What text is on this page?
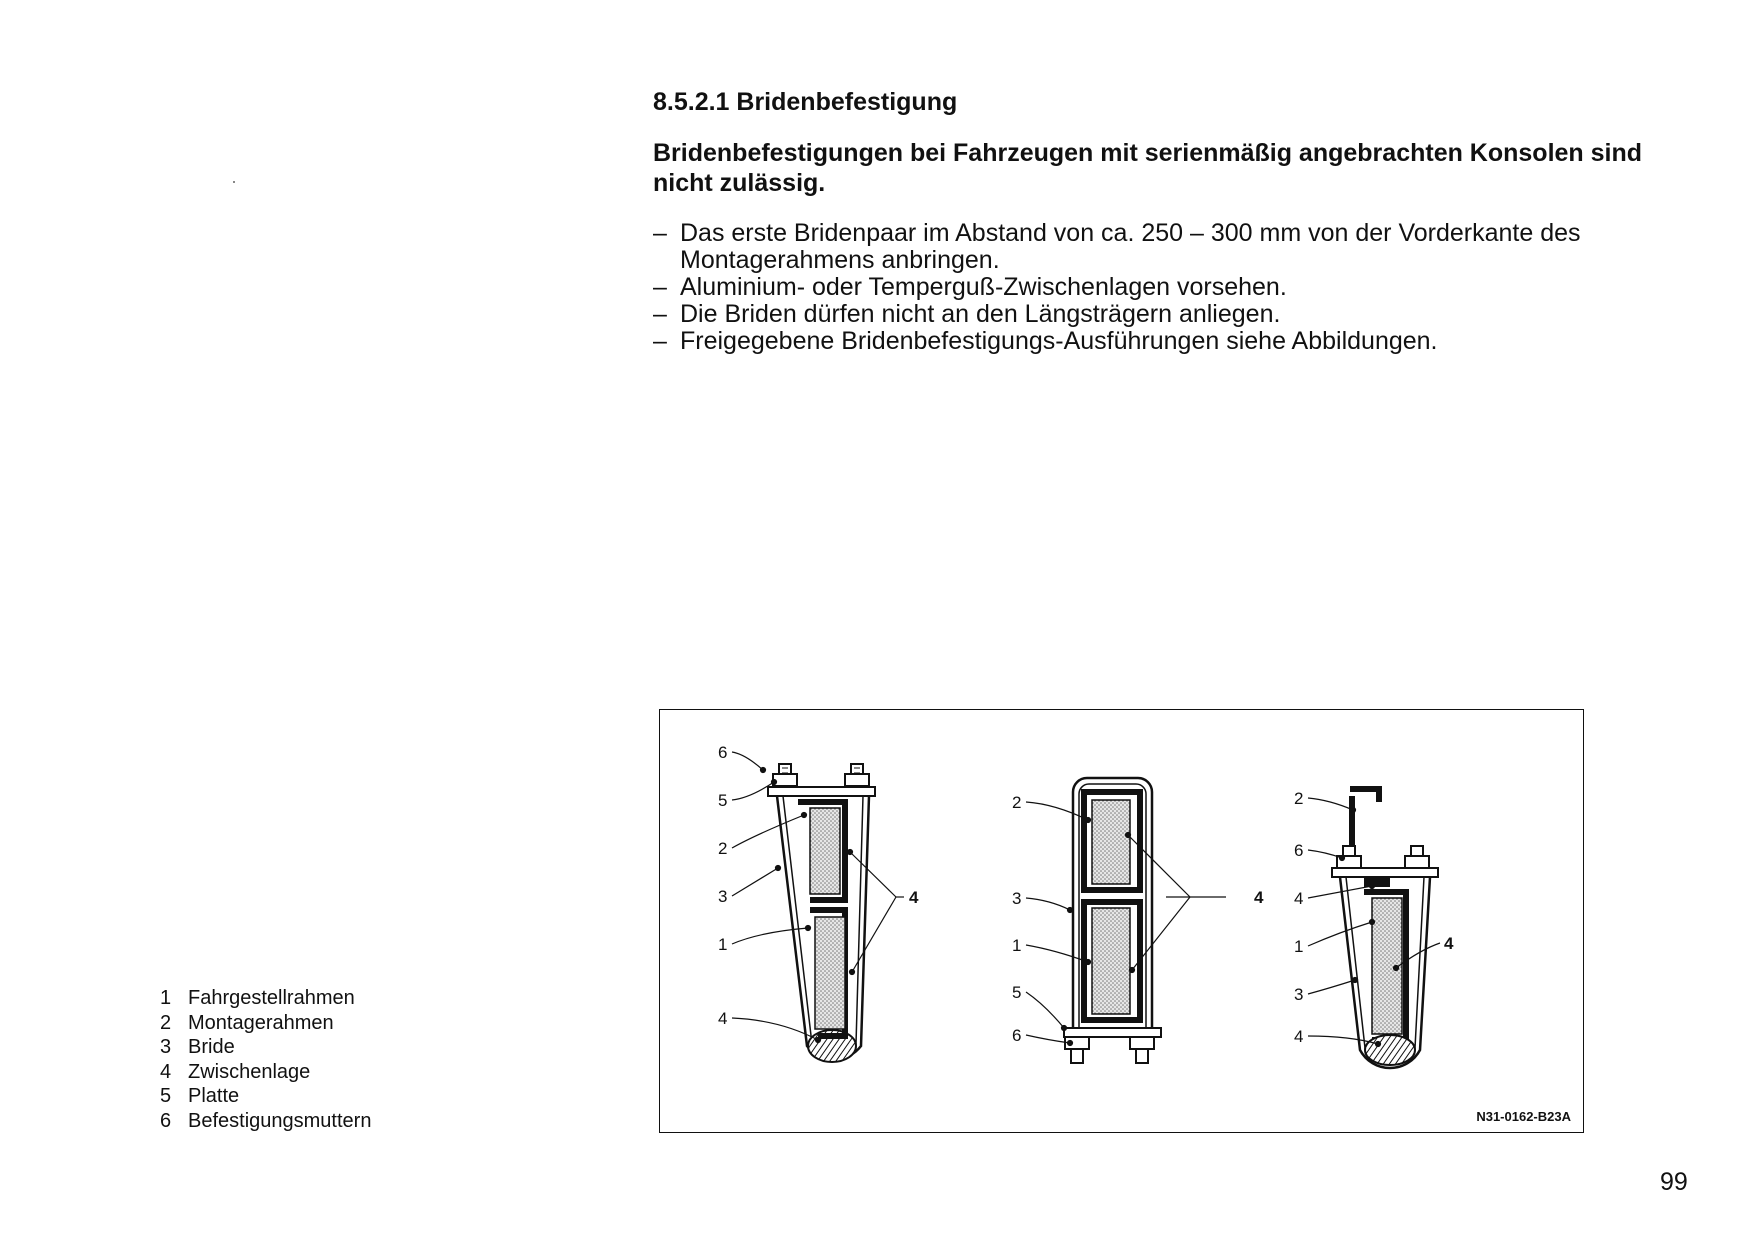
8.5.2.1 Bridenbefestigung

Bridenbefestigungen bei Fahrzeugen mit serienmäßig angebrachten Konsolen sind nicht zulässig.

– Das erste Bridenpaar im Abstand von ca. 250 – 300 mm von der Vorderkante des Montagerahmens anbringen.
– Aluminium- oder Temperguß-Zwischenlagen vorsehen.
– Die Briden dürfen nicht an den Längsträgern anliegen.
– Freigegebene Bridenbefestigungs-Ausführungen siehe Abbildungen.
1 Fahrgestellrahmen
2 Montagerahmen
3 Bride
4 Zwischenlage
5 Platte
6 Befestigungsmuttern
6
5
2
3
1
4
4
2
3
1
5
6
4
2
6
4
1
3
4
4
N31-0162-B23A
99
